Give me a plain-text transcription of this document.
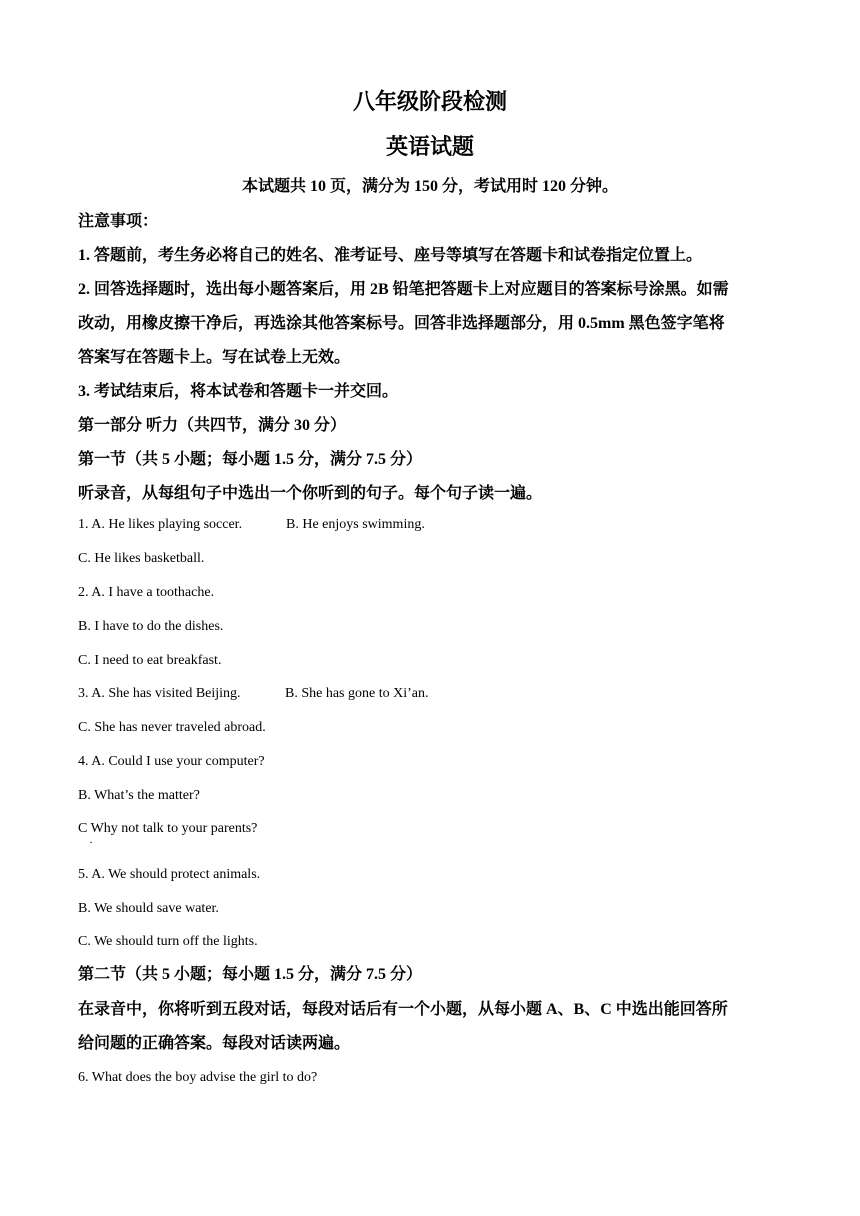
八年级阶段检测
英语试题
本试题共 10 页，满分为 150 分，考试用时 120 分钟。
注意事项：
1. 答题前，考生务必将自己的姓名、准考证号、座号等填写在答题卡和试卷指定位置上。
2. 回答选择题时，选出每小题答案后，用 2B 铅笔把答题卡上对应题目的答案标号涂黑。如需
改动，用橡皮擦干净后，再选涂其他答案标号。回答非选择题部分，用 0.5mm 黑色签字笔将
答案写在答题卡上。写在试卷上无效。
3. 考试结束后，将本试卷和答题卡一并交回。
第一部分 听力（共四节，满分 30 分）
第一节（共 5 小题；每小题 1.5 分，满分 7.5 分）
听录音，从每组句子中选出一个你听到的句子。每个句子读一遍。
1. A. He likes playing soccer.	B. He enjoys swimming.
C. He likes basketball.
2. A. I have a toothache.
B. I have to do the dishes.
C. I need to eat breakfast.
3. A. She has visited Beijing.	B. She has gone to Xi’an.
C. She has never traveled abroad.
4. A. Could I use your computer?
B. What’s the matter?
C Why not talk to your parents?
·
5. A. We should protect animals.
B. We should save water.
C. We should turn off the lights.
第二节（共 5 小题；每小题 1.5 分，满分 7.5 分）
在录音中，你将听到五段对话，每段对话后有一个小题，从每小题 A、B、C 中选出能回答所
给问题的正确答案。每段对话读两遍。
6. What does the boy advise the girl to do?
